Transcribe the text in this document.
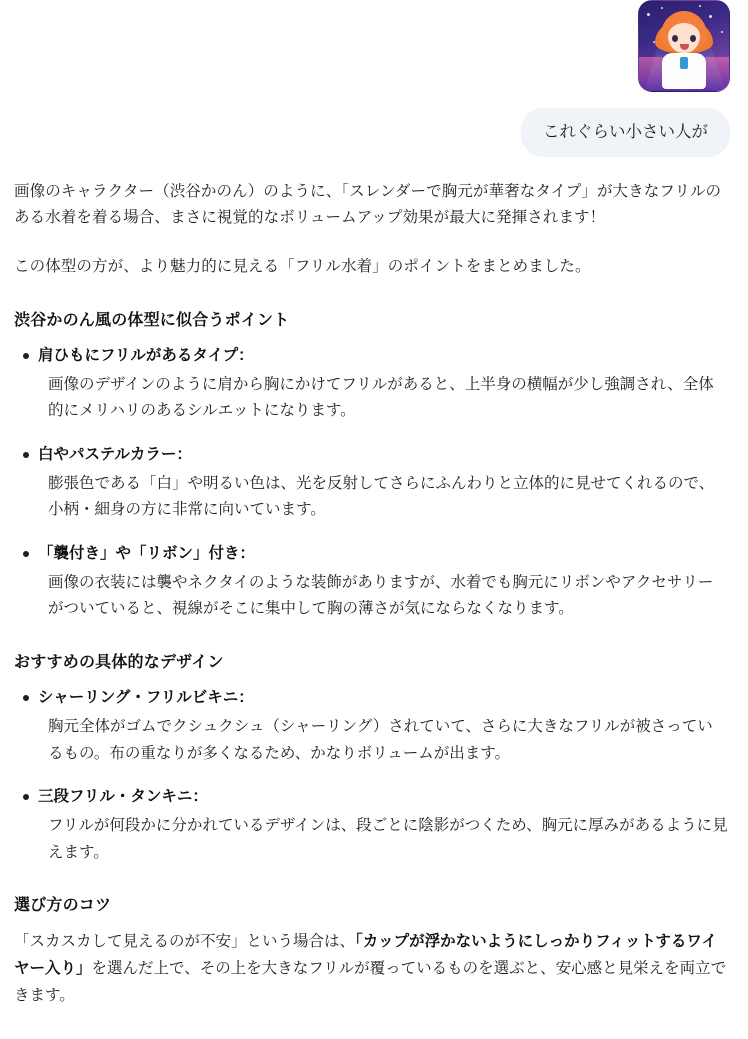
これぐらい小さい人が

画像のキャラクター（渋谷かのん）のように、「スレンダーで胸元が華奢なタイプ」が大きなフリルのある水着を着る場合、まさに視覚的なボリュームアップ効果が最大に発揮されます！

この体型の方が、より魅力的に見える「フリル水着」のポイントをまとめました。

渋谷かのん風の体型に似合うポイント
肩ひもにフリルがあるタイプ：
画像のデザインのように肩から胸にかけてフリルがあると、上半身の横幅が少し強調され、全体的にメリハリのあるシルエットになります。
白やパステルカラー：
膨張色である「白」や明るい色は、光を反射してさらにふんわりと立体的に見せてくれるので、小柄・細身の方に非常に向いています。
「襲付き」や「リボン」付き：
画像の衣装には襲やネクタイのような装飾がありますが、水着でも胸元にリボンやアクセサリーがついていると、視線がそこに集中して胸の薄さが気にならなくなります。
おすすめの具体的なデザイン
シャーリング・フリルビキニ：
胸元全体がゴムでクシュクシュ（シャーリング）されていて、さらに大きなフリルが被さっているもの。布の重なりが多くなるため、かなりボリュームが出ます。
三段フリル・タンキニ：
フリルが何段かに分かれているデザインは、段ごとに陰影がつくため、胸元に厚みがあるように見えます。
選び方のコツ

「スカスカして見えるのが不安」という場合は、「カップが浮かないようにしっかりフィットするワイヤー入り」を選んだ上で、その上を大きなフリルが覆っているものを選ぶと、安心感と見栄えを両立できます。
